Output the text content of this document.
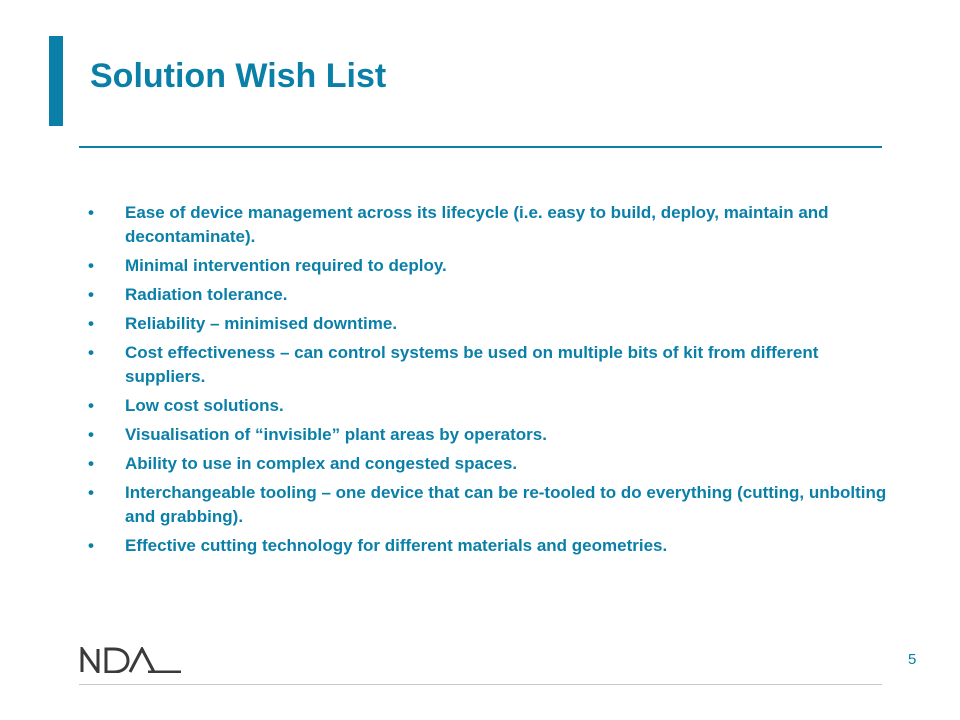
Solution Wish List
• Ease of device management across its lifecycle (i.e. easy to build, deploy, maintain and decontaminate).
• Minimal intervention required to deploy.
• Radiation tolerance.
• Reliability – minimised downtime.
• Cost effectiveness – can control systems be used on multiple bits of kit from different suppliers.
• Low cost solutions.
• Visualisation of “invisible” plant areas by operators.
• Ability to use in complex and congested spaces.
• Interchangeable tooling – one device that can be re-tooled to do everything (cutting, unbolting and grabbing).
• Effective cutting technology for different materials and geometries.
5
